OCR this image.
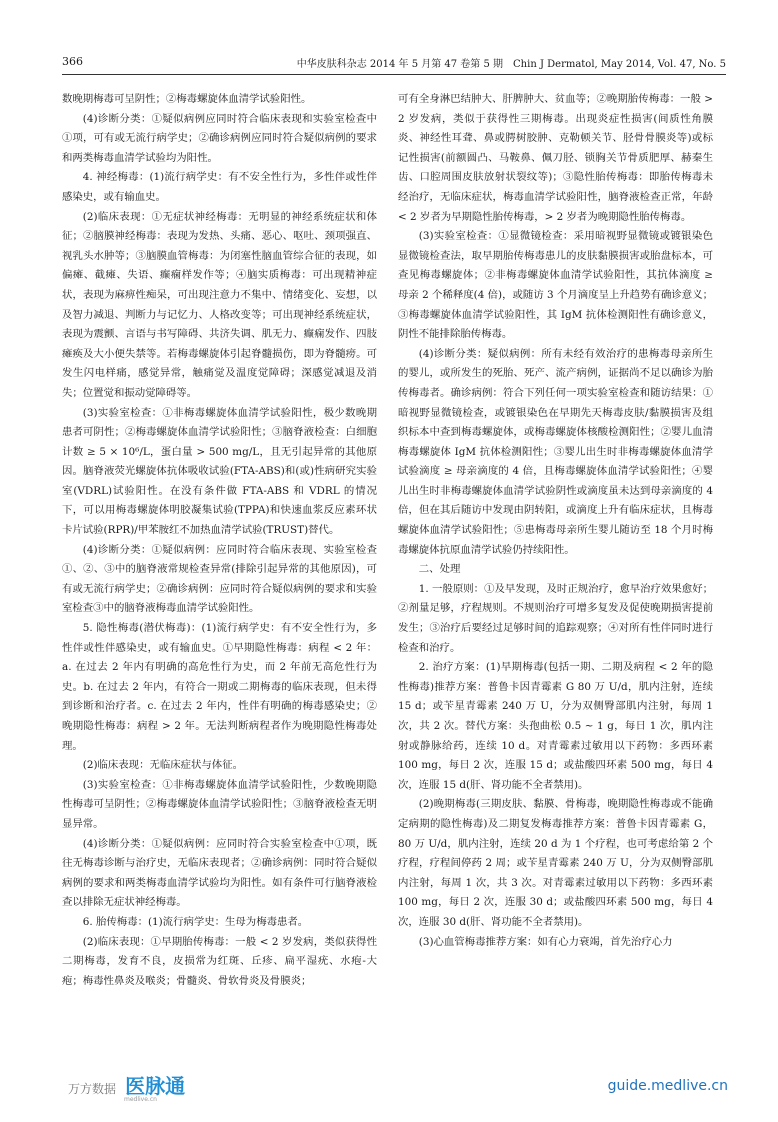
366	中华皮肤科杂志 2014 年 5 月第 47 卷第 5 期　Chin J Dermatol, May 2014, Vol. 47, No. 5

数晚期梅毒可呈阴性；②梅毒螺旋体血清学试验阳性。

(4)诊断分类：①疑似病例应同时符合临床表现和实验室检查中①项，可有或无流行病学史；②确诊病例应同时符合疑似病例的要求和两类梅毒血清学试验均为阳性。

4. 神经梅毒：(1)流行病学史：有不安全性行为，多性伴或性伴感染史，或有输血史。

(2)临床表现：①无症状神经梅毒：无明显的神经系统症状和体征；②脑膜神经梅毒：表现为发热、头痛、恶心、呕吐、颈项强直、视乳头水肿等；③脑膜血管梅毒：为闭塞性脑血管综合征的表现，如偏瘫、截瘫、失语、癫痫样发作等；④脑实质梅毒：可出现精神症状，表现为麻痹性痴呆，可出现注意力不集中、情绪变化、妄想，以及智力减退、判断力与记忆力、人格改变等；可出现神经系统症状，表现为震颤、言语与书写障碍、共济失调、肌无力、癫痫发作、四肢瘫痪及大小便失禁等。若梅毒螺旋体引起脊髓损伤，即为脊髓痨。可发生闪电样痛，感觉异常，触痛觉及温度觉障碍；深感觉减退及消失；位置觉和振动觉障碍等。

(3)实验室检查：①非梅毒螺旋体血清学试验阳性，极少数晚期患者可阴性；②梅毒螺旋体血清学试验阳性；③脑脊液检查：白细胞计数 ≥ 5 × 10⁶/L，蛋白量 > 500 mg/L，且无引起异常的其他原因。脑脊液荧光螺旋体抗体吸收试验(FTA-ABS)和(或)性病研究实验室(VDRL)试验阳性。在没有条件做 FTA-ABS 和 VDRL 的情况下，可以用梅毒螺旋体明胶凝集试验(TPPA)和快速血浆反应素环状卡片试验(RPR)/甲苯胺红不加热血清学试验(TRUST)替代。

(4)诊断分类：①疑似病例：应同时符合临床表现、实验室检查①、②、③中的脑脊液常规检查异常(排除引起异常的其他原因)，可有或无流行病学史；②确诊病例：应同时符合疑似病例的要求和实验室检查③中的脑脊液梅毒血清学试验阳性。

5. 隐性梅毒(潜伏梅毒)：(1)流行病学史：有不安全性行为，多性伴或性伴感染史，或有输血史。①早期隐性梅毒：病程 < 2 年：a. 在过去 2 年内有明确的高危性行为史，而 2 年前无高危性行为史。b. 在过去 2 年内，有符合一期或二期梅毒的临床表现，但未得到诊断和治疗者。c. 在过去 2 年内，性伴有明确的梅毒感染史；②晚期隐性梅毒：病程 > 2 年。无法判断病程者作为晚期隐性梅毒处理。

(2)临床表现：无临床症状与体征。

(3)实验室检查：①非梅毒螺旋体血清学试验阳性，少数晚期隐性梅毒可呈阴性；②梅毒螺旋体血清学试验阳性；③脑脊液检查无明显异常。

(4)诊断分类：①疑似病例：应同时符合实验室检查中①项，既往无梅毒诊断与治疗史，无临床表现者；②确诊病例：同时符合疑似病例的要求和两类梅毒血清学试验均为阳性。如有条件可行脑脊液检查以排除无症状神经梅毒。

6. 胎传梅毒：(1)流行病学史：生母为梅毒患者。

(2)临床表现：①早期胎传梅毒：一般 < 2 岁发病，类似获得性二期梅毒，发育不良，皮损常为红斑、丘疹、扁平湿疣、水疱-大疱；梅毒性鼻炎及喉炎；骨髓炎、骨软骨炎及骨膜炎；

可有全身淋巴结肿大、肝脾肿大、贫血等；②晚期胎传梅毒：一般 > 2 岁发病，类似于获得性三期梅毒。出现炎症性损害(间质性角膜炎、神经性耳聋、鼻或腭树胶肿、克勒顿关节、胫骨骨膜炎等)或标记性损害(前额圆凸、马鞍鼻、佩刀胫、锁胸关节骨质肥厚、赫秦生齿、口腔周围皮肤放射状裂纹等)；③隐性胎传梅毒：即胎传梅毒未经治疗，无临床症状，梅毒血清学试验阳性，脑脊液检查正常，年龄 < 2 岁者为早期隐性胎传梅毒，> 2 岁者为晚期隐性胎传梅毒。

(3)实验室检查：①显微镜检查：采用暗视野显微镜或镀银染色显微镜检查法，取早期胎传梅毒患儿的皮肤黏膜损害或胎盘标本，可查见梅毒螺旋体；②非梅毒螺旋体血清学试验阳性，其抗体滴度 ≥ 母亲 2 个稀释度(4 倍)，或随访 3 个月滴度呈上升趋势有确诊意义；③梅毒螺旋体血清学试验阳性，其 IgM 抗体检测阳性有确诊意义，阴性不能排除胎传梅毒。

(4)诊断分类：疑似病例：所有未经有效治疗的患梅毒母亲所生的婴儿，或所发生的死胎、死产、流产病例，证据尚不足以确诊为胎传梅毒者。确诊病例：符合下列任何一项实验室检查和随访结果：①暗视野显微镜检查，或镀银染色在早期先天梅毒皮肤/黏膜损害及组织标本中查到梅毒螺旋体，或梅毒螺旋体核酸检测阳性；②婴儿血清梅毒螺旋体 IgM 抗体检测阳性；③婴儿出生时非梅毒螺旋体血清学试验滴度 ≥ 母亲滴度的 4 倍，且梅毒螺旋体血清学试验阳性；④婴儿出生时非梅毒螺旋体血清学试验阴性或滴度虽未达到母亲滴度的 4 倍，但在其后随访中发现由阴转阳，或滴度上升有临床症状，且梅毒螺旋体血清学试验阳性；⑤患梅毒母亲所生婴儿随访至 18 个月时梅毒螺旋体抗原血清学试验仍持续阳性。

二、处理

1. 一般原则：①及早发现，及时正规治疗，愈早治疗效果愈好；②剂量足够，疗程规则。不规则治疗可增多复发及促使晚期损害提前发生；③治疗后要经过足够时间的追踪观察；④对所有性伴同时进行检查和治疗。

2. 治疗方案：(1)早期梅毒(包括一期、二期及病程 < 2 年的隐性梅毒)推荐方案：普鲁卡因青霉素 G 80 万 U/d，肌内注射，连续 15 d；或苄星青霉素 240 万 U，分为双侧臀部肌内注射，每周 1 次，共 2 次。替代方案：头孢曲松 0.5 ~ 1 g，每日 1 次，肌内注射或静脉给药，连续 10 d。对青霉素过敏用以下药物：多西环素 100 mg，每日 2 次，连服 15 d；或盐酸四环素 500 mg，每日 4 次，连服 15 d(肝、肾功能不全者禁用)。

(2)晚期梅毒(三期皮肤、黏膜、骨梅毒，晚期隐性梅毒或不能确定病期的隐性梅毒)及二期复发梅毒推荐方案：普鲁卡因青霉素 G，80 万 U/d，肌内注射，连续 20 d 为 1 个疗程，也可考虑给第 2 个疗程，疗程间停药 2 周；或苄星青霉素 240 万 U，分为双侧臀部肌内注射，每周 1 次，共 3 次。对青霉素过敏用以下药物：多西环素 100 mg，每日 2 次，连服 30 d；或盐酸四环素 500 mg，每日 4 次，连服 30 d(肝、肾功能不全者禁用)。

(3)心血管梅毒推荐方案：如有心力衰竭，首先治疗心力

万方数据 医脉通
medlive.cn
guide.medlive.cn
